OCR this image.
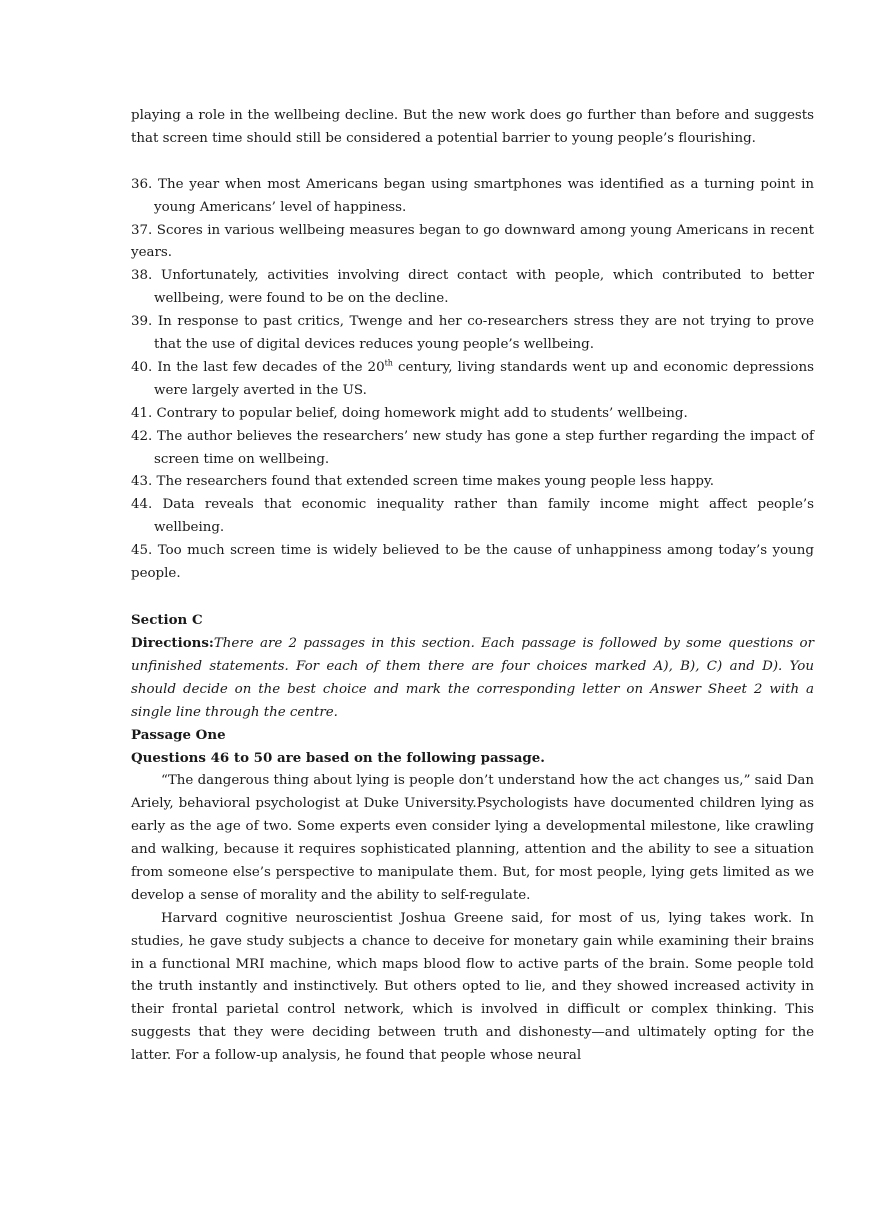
playing a role in the wellbeing decline. But the new work does go further than before and suggests that screen time should still be considered a potential barrier to young people’s flourishing.

36. The year when most Americans began using smartphones was identified as a turning point in young Americans’ level of happiness.

37. Scores in various wellbeing measures began to go downward among young Americans in recent years.

38. Unfortunately, activities involving direct contact with people, which contributed to better wellbeing, were found to be on the decline.

39. In response to past critics, Twenge and her co-researchers stress they are not trying to prove that the use of digital devices reduces young people’s wellbeing.

40. In the last few decades of the 20th century, living standards went up and economic depressions were largely averted in the US.

41. Contrary to popular belief, doing homework might add to students’ wellbeing.

42. The author believes the researchers’ new study has gone a step further regarding the impact of screen time on wellbeing.

43. The researchers found that extended screen time makes young people less happy.

44. Data reveals that economic inequality rather than family income might affect people’s wellbeing.

45. Too much screen time is widely believed to be the cause of unhappiness among today’s young people.

Section C

Directions:There are 2 passages in this section. Each passage is followed by some questions or unfinished statements. For each of them there are four choices marked A), B), C) and D). You should decide on the best choice and mark the corresponding letter on Answer Sheet 2 with a single line through the centre.

Passage One

Questions 46 to 50 are based on the following passage.

“The dangerous thing about lying is people don’t understand how the act changes us,” said Dan Ariely, behavioral psychologist at Duke University.Psychologists have documented children lying as early as the age of two. Some experts even consider lying a developmental milestone, like crawling and walking, because it requires sophisticated planning, attention and the ability to see a situation from someone else’s perspective to manipulate them. But, for most people, lying gets limited as we develop a sense of morality and the ability to self-regulate.

Harvard cognitive neuroscientist Joshua Greene said, for most of us, lying takes work. In studies, he gave study subjects a chance to deceive for monetary gain while examining their brains in a functional MRI machine, which maps blood flow to active parts of the brain. Some people told the truth instantly and instinctively. But others opted to lie, and they showed increased activity in their frontal parietal control network, which is involved in difficult or complex thinking. This suggests that they were deciding between truth and dishonesty—and ultimately opting for the latter. For a follow-up analysis, he found that people whose neural
